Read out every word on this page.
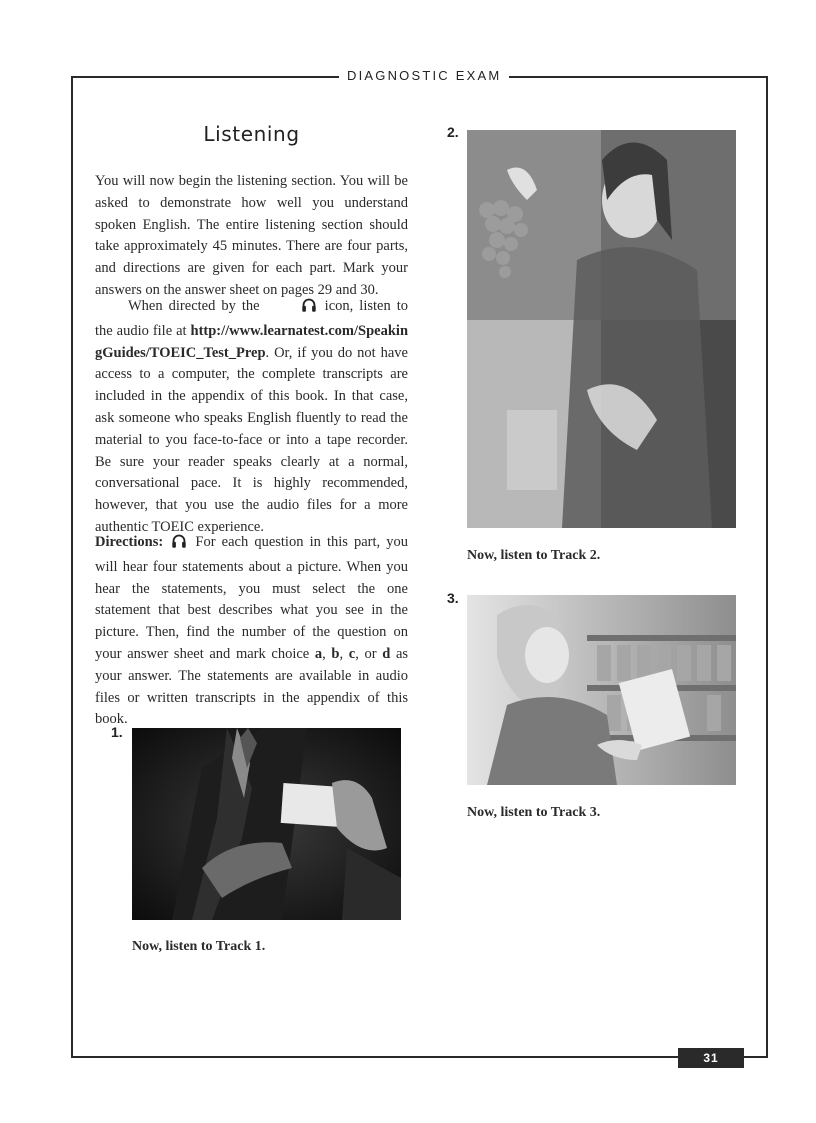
DIAGNOSTIC EXAM
Listening

You will now begin the listening section. You will be asked to demonstrate how well you understand spoken English. The entire listening section should take approximately 45 minutes. There are four parts, and directions are given for each part. Mark your answers on the answer sheet on pages 29 and 30.

When directed by the	icon, listen to the audio file at http://www.learnatest.com/SpeakingGuides/TOEIC_Test_Prep. Or, if you do not have access to a computer, the complete transcripts are included in the appendix of this book. In that case, ask someone who speaks English fluently to read the material to you face-to-face or into a tape recorder. Be sure your reader speaks clearly at a normal, conversational pace. It is highly recommended, however, that you use the audio files for a more authentic TOEIC experience.

Directions: For each question in this part, you will hear four statements about a picture. When you hear the statements, you must select the one statement that best describes what you see in the picture. Then, find the number of the question on your answer sheet and mark choice a, b, c, or d as your answer. The statements are available in audio files or written transcripts in the appendix of this book.

1.
Now, listen to Track 1.
2.
Now, listen to Track 2.
3.
Now, listen to Track 3.
31
